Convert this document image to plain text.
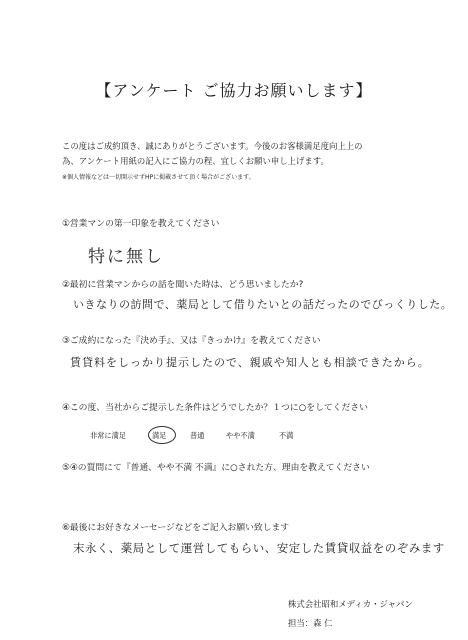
【アンケート ご協力お願いします】
この度はご成約頂き、誠にありがとうございます。今後のお客様満足度向上上の
為、アンケート用紙の記入にご協力の程、宜しくお願い申し上げます。
※個人情報などは一切開示せずHPに掲載させて頂く場合がございます。
①営業マンの第一印象を教えてください
特に無し
②最初に営業マンからの話を聞いた時は、どう思いましたか?
いきなりの訪問で、薬局として借りたいとの話だったのでびっくりした。
③ご成約になった『決め手』、又は『きっかけ』を教えてください
賃貸料をしっかり提示したので、親戚や知人とも相談できたから。
④この度、当社からご提示した条件はどうでしたか？１つに○をしてください
非常に満足	満足	普通	やや不満	不満
⑤④の質問にて『普通、やや不満 不満』に○された方、理由を教えてください
⑥最後にお好きなメーセージなどをご記入お願い致します
末永く、薬局として運営してもらい、安定した賃貸収益をのぞみます
株式会社昭和メディカ・ジャパン
担当：森 仁
